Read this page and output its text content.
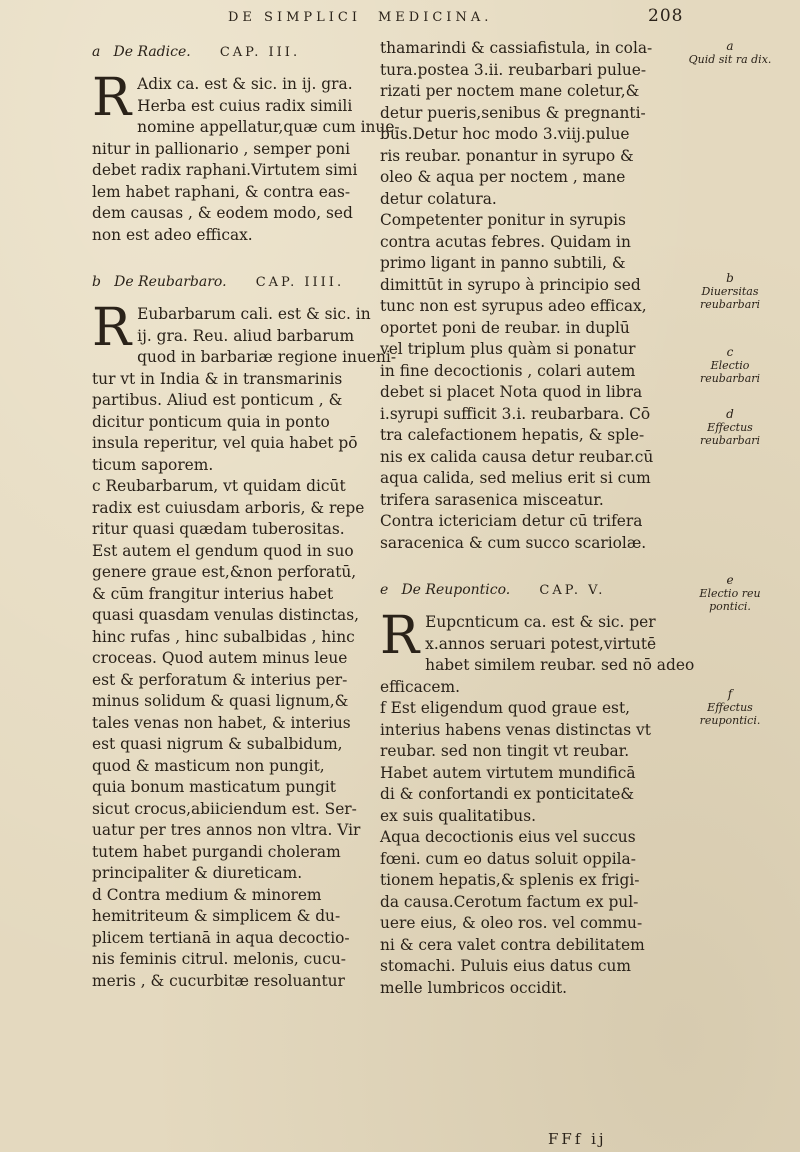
DE SIMPLICI MEDICINA.	208
a De Radice. CAP. III.
R Adix ca. est & sic. in ij. gra.
Herba est cuius radix simili
nomine appellatur,quæ cum inue-
nitur in pallionario , semper poni
debet radix raphani.Virtutem simi
lem habet raphani, & contra eas-
dem causas , & eodem modo, sed
non est adeo efficax.
b De Reubarbaro. CAP. IIII.
R Eubarbarum cali. est & sic. in
ij. gra. Reu. aliud barbarum
quod in barbariæ regione inueni-
tur vt in India & in transmarinis
partibus. Aliud est ponticum , &
dicitur ponticum quia in ponto
insula reperitur, vel quia habet pō
ticum saporem.
c Reubarbarum, vt quidam dicūt
radix est cuiusdam arboris, & repe
ritur quasi quædam tuberositas.
Est autem el gendum quod in suo
genere graue est,&non perforatū,
& cūm frangitur interius habet
quasi quasdam venulas distinctas,
hinc rufas , hinc subalbidas , hinc
croceas. Quod autem minus leue
est & perforatum & interius per-
minus solidum & quasi lignum,&
tales venas non habet, & interius
est quasi nigrum & subalbidum,
quod & masticum non pungit,
quia bonum masticatum pungit
sicut crocus,abiiciendum est. Ser-
uatur per tres annos non vltra. Vir
tutem habet purgandi choleram
principaliter & diureticam.
d Contra medium & minorem
hemitriteum & simplicem & du-
plicem tertianā in aqua decoctio-
nis feminis citrul. melonis, cucu-
meris , & cucurbitæ resoluantur
thamarindi & cassiafistula, in cola-
tura.postea 3.ii. reubarbari pulue-
rizati per noctem mane coletur,&
detur pueris,senibus & pregnanti-
bus.Detur hoc modo 3.viij.pulue
ris reubar. ponantur in syrupo &
oleo & aqua per noctem , mane
detur colatura.
Competenter ponitur in syrupis
contra acutas febres. Quidam in
primo ligant in panno subtili, &
dimittūt in syrupo à principio sed
tunc non est syrupus adeo efficax,
oportet poni de reubar. in duplū
vel triplum plus quàm si ponatur
in fine decoctionis , colari autem
debet si placet Nota quod in libra
i.syrupi sufficit 3.i. reubarbara. Cō
tra calefactionem hepatis, & sple-
nis ex calida causa detur reubar.cū
aqua calida, sed melius erit si cum
trifera sarasenica misceatur.
Contra ictericiam detur cū trifera
saracenica & cum succo scariolæ.
e De Reupontico. CAP. V.
R Eupcnticum ca. est & sic. per
x.annos seruari potest,virtutē
habet similem reubar. sed nō adeo
efficacem.
f Est eligendum quod graue est,
interius habens venas distinctas vt
reubar. sed non tingit vt reubar.
Habet autem virtutem mundificā
di & confortandi ex ponticitate&
ex suis qualitatibus.
Aqua decoctionis eius vel succus
fœni. cum eo datus soluit oppila-
tionem hepatis,& splenis ex frigi-
da causa.Cerotum factum ex pul-
uere eius, & oleo ros. vel commu-
ni & cera valet contra debilitatem
stomachi. Puluis eius datus cum
melle lumbricos occidit.
a
Quid sit ra dix.
b
Diuersitas reubarbari
c
Electio reubarbari
d
Effectus reubarbari
e
Electio reu pontici.
f
Effectus reupontici.
FFf ij
